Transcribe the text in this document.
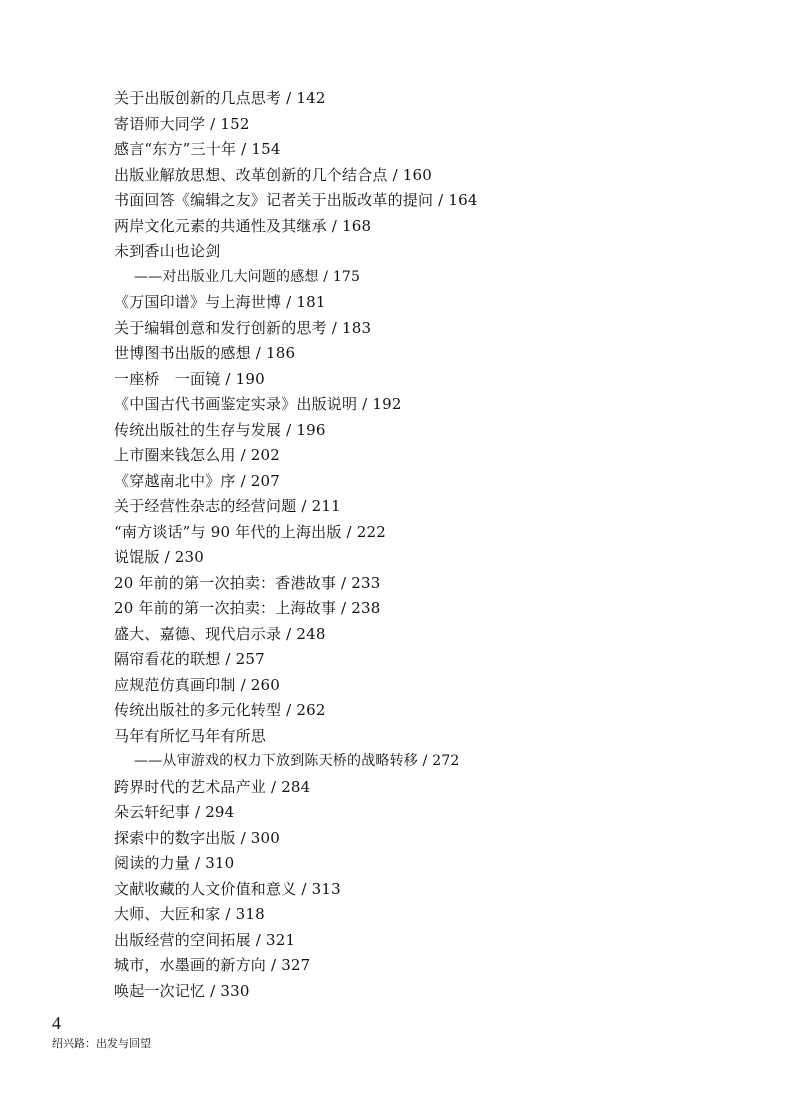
关于出版创新的几点思考 / 142
寄语师大同学 / 152
感言“东方”三十年 / 154
出版业解放思想、改革创新的几个结合点 / 160
书面回答《编辑之友》记者关于出版改革的提问 / 164
两岸文化元素的共通性及其继承 / 168
未到香山也论剑
——对出版业几大问题的感想 / 175
《万国印谱》与上海世博 / 181
关于编辑创意和发行创新的思考 / 183
世博图书出版的感想 / 186
一座桥　一面镜 / 190
《中国古代书画鉴定实录》出版说明 / 192
传统出版社的生存与发展 / 196
上市圈来钱怎么用 / 202
《穿越南北中》序 / 207
关于经营性杂志的经营问题 / 211
“南方谈话”与 90 年代的上海出版 / 222
说馄版 / 230
20 年前的第一次拍卖：香港故事 / 233
20 年前的第一次拍卖：上海故事 / 238
盛大、嘉德、现代启示录 / 248
隔帘看花的联想 / 257
应规范仿真画印制 / 260
传统出版社的多元化转型 / 262
马年有所忆马年有所思
——从审游戏的权力下放到陈天桥的战略转移 / 272
跨界时代的艺术品产业 / 284
朵云轩纪事 / 294
探索中的数字出版 / 300
阅读的力量 / 310
文献收藏的人文价值和意义 / 313
大师、大匠和家 / 318
出版经营的空间拓展 / 321
城市，水墨画的新方向 / 327
唤起一次记忆 / 330
4
绍兴路：出发与回望
